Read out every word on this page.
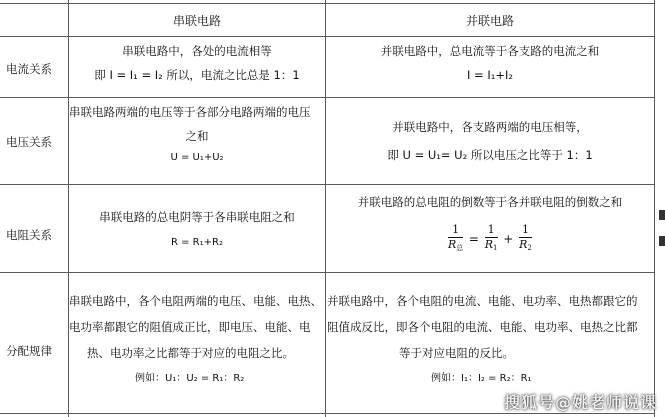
串联电路	并联电路
电流关系
串联电路中，各处的电流相等
即 I = I₁ = I₂ 所以，电流之比总是 1：1
并联电路中，总电流等于各支路的电流之和
I = I₁+I₂
电压关系
串联电路两端的电压等于各部分电路两端的电压
之和
U = U₁+U₂
并联电路中，各支路两端的电压相等，
即 U = U₁= U₂ 所以电压之比等于 1：1
电阻关系
串联电路的总电阴等于各串联电阻之和
R = R₁+R₂
并联电路的总电阻的倒数等于各并联电阻的倒数之和
$\frac{1}{R_总} = \frac{1}{R_1} + \frac{1}{R_2}$
分配规律
串联电路中，各个电阻两端的电压、电能、电热、
电功率都跟它的阻值成正比，即电压、电能、电
热、电功率之比都等于对应的电阻之比。
例如：U₁：U₂ = R₁：R₂
并联电路中，各个电阻的电流、电能、电功率、电热都跟它的
阻值成反比，即各个电阻的电流、电能、电功率、电热之比都
等于对应电阻的反比。
例如：I₁：I₂ = R₂：R₁
搜狐号@姚老师说课
